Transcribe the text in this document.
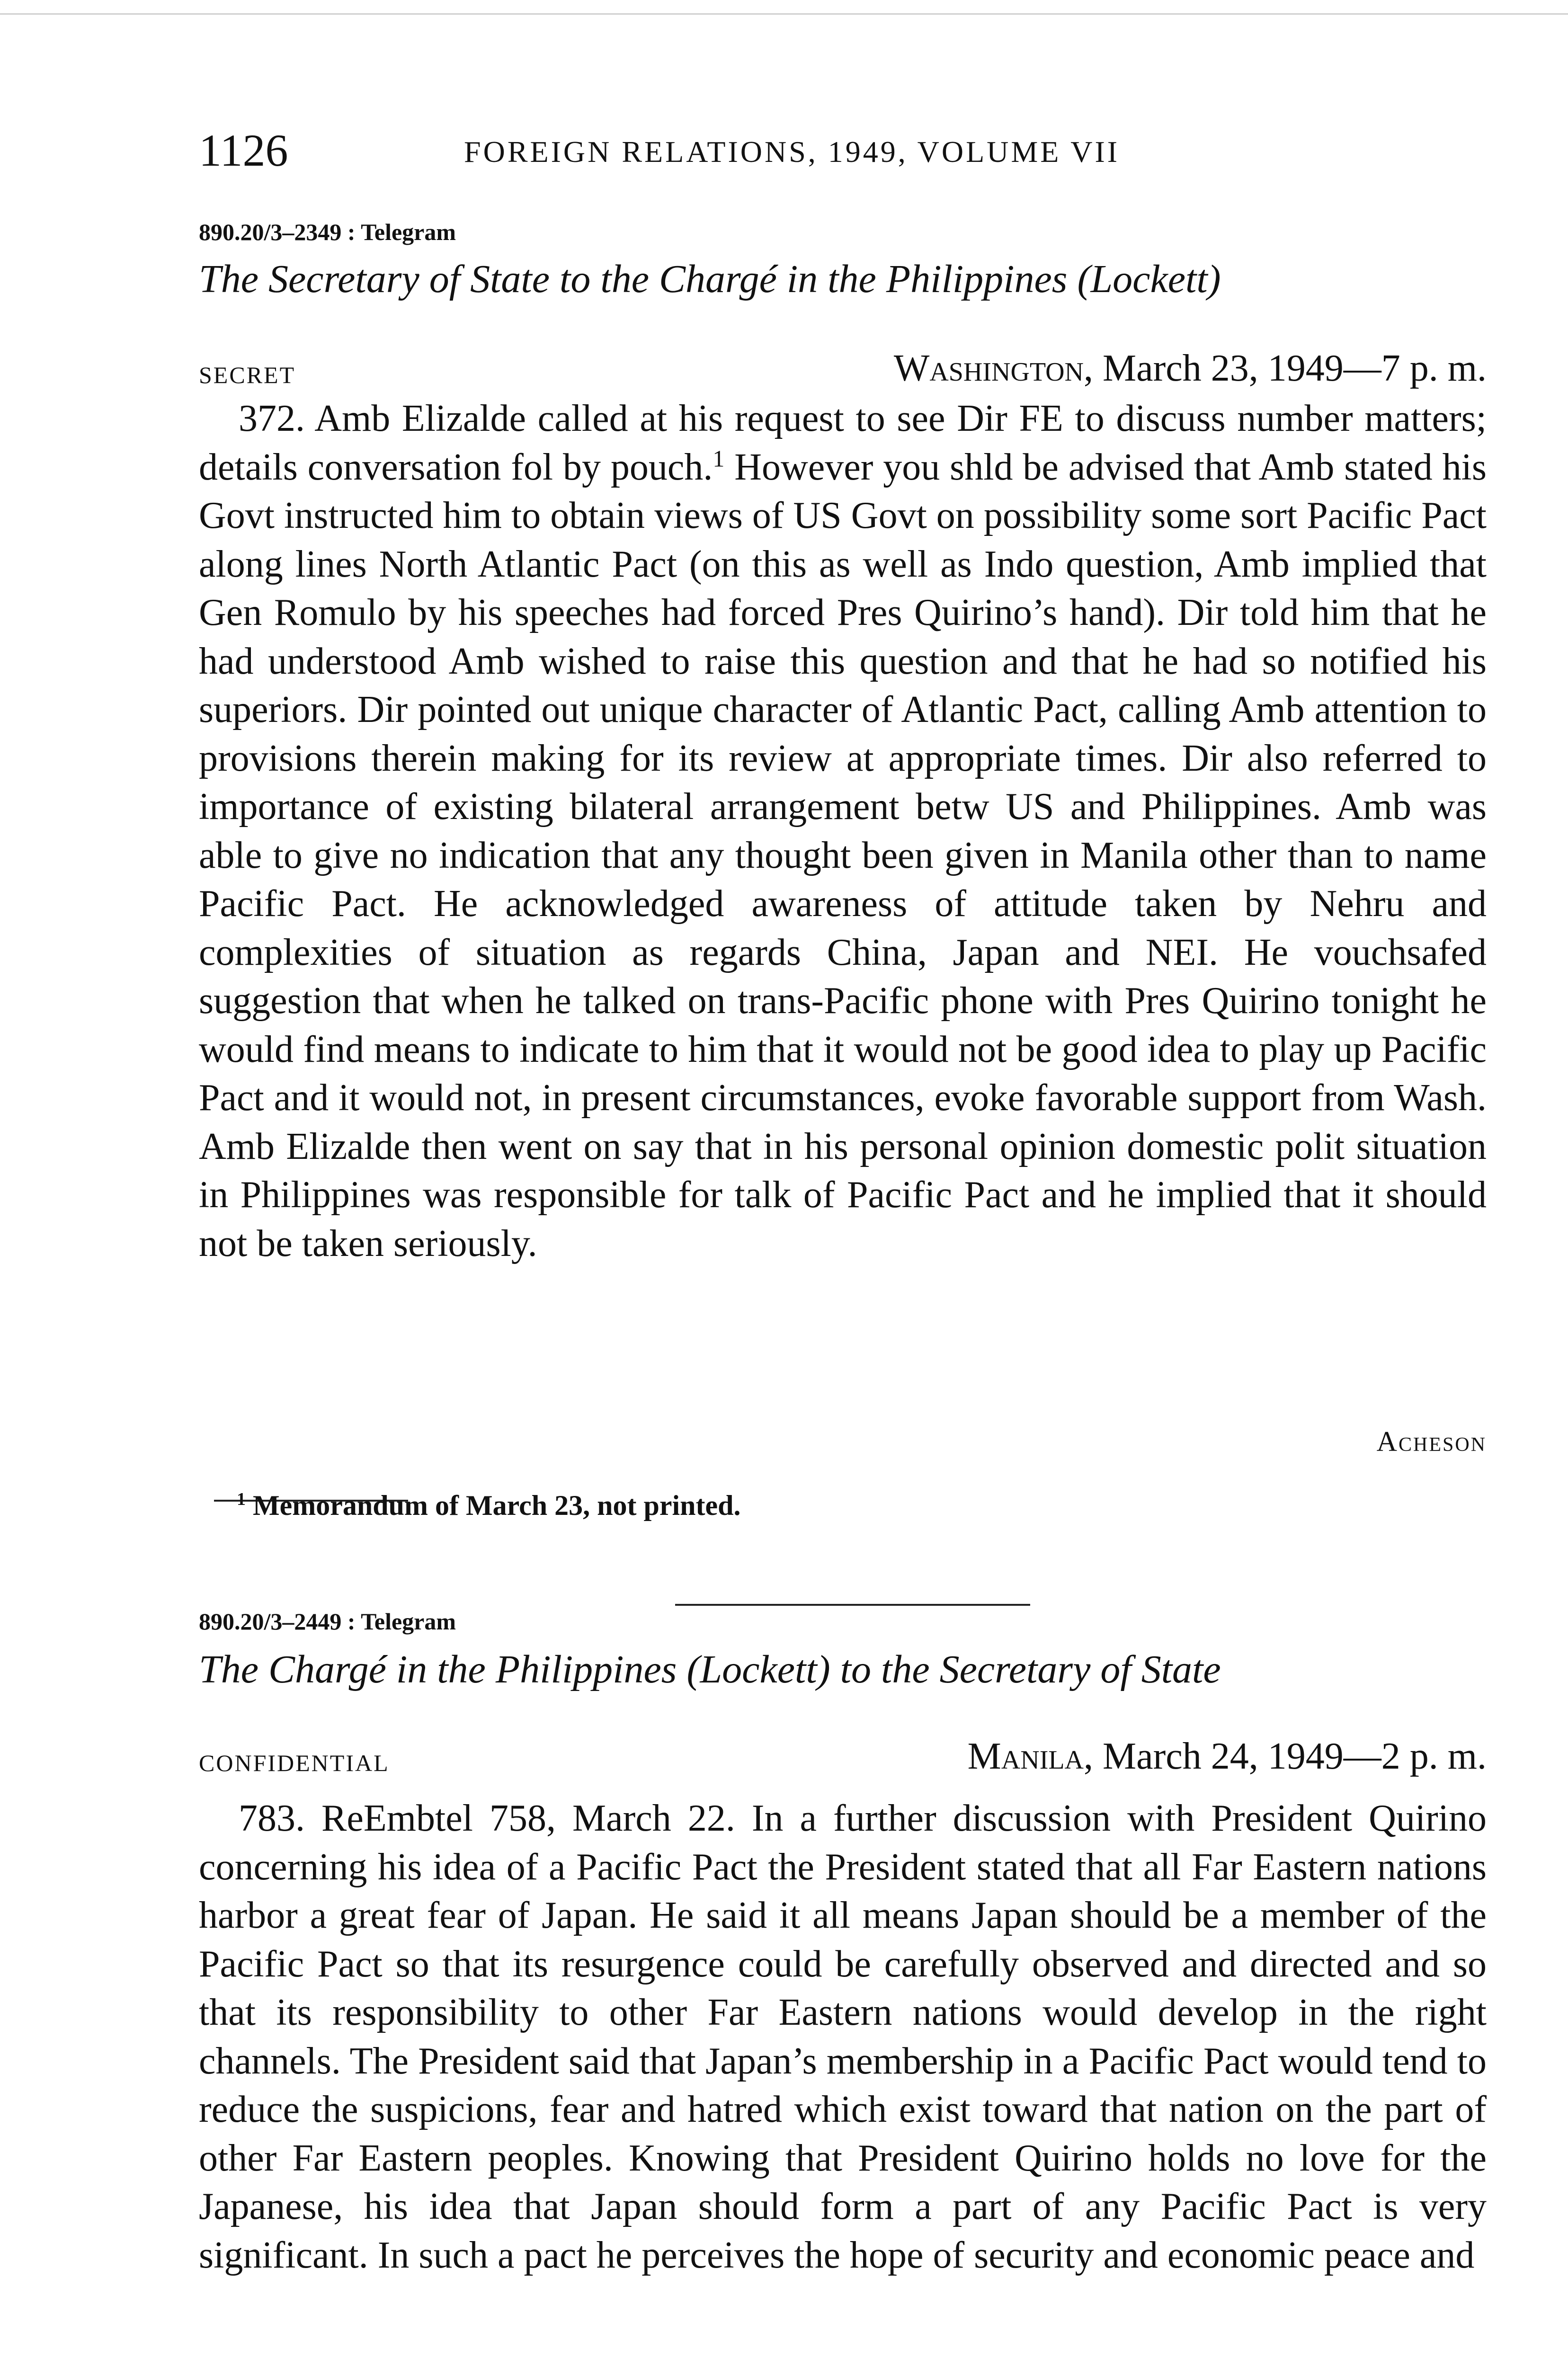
1126	FOREIGN RELATIONS, 1949, VOLUME VII
890.20/3–2349 : Telegram
The Secretary of State to the Chargé in the Philippines (Lockett)
SECRET	Washington, March 23, 1949—7 p. m.

372. Amb Elizalde called at his request to see Dir FE to discuss number matters; details conversation fol by pouch.$^1$ However you shld be advised that Amb stated his Govt instructed him to obtain views of US Govt on possibility some sort Pacific Pact along lines North Atlantic Pact (on this as well as Indo question, Amb implied that Gen Romulo by his speeches had forced Pres Quirino’s hand). Dir told him that he had understood Amb wished to raise this question and that he had so notified his superiors. Dir pointed out unique character of Atlantic Pact, calling Amb attention to provisions therein making for its review at appropriate times. Dir also referred to importance of existing bilateral arrangement betw US and Philippines. Amb was able to give no indication that any thought been given in Manila other than to name Pacific Pact. He acknowledged awareness of attitude taken by Nehru and complexities of situation as regards China, Japan and NEI. He vouchsafed suggestion that when he talked on trans-Pacific phone with Pres Quirino tonight he would find means to indicate to him that it would not be good idea to play up Pacific Pact and it would not, in present circumstances, evoke favorable support from Wash. Amb Elizalde then went on say that in his personal opinion domestic polit situation in Philippines was responsible for talk of Pacific Pact and he implied that it should not be taken seriously.

Acheson
$^1$ Memorandum of March 23, not printed.
890.20/3–2449 : Telegram
The Chargé in the Philippines (Lockett) to the Secretary of State
CONFIDENTIAL	Manila, March 24, 1949—2 p. m.

783. ReEmbtel 758, March 22. In a further discussion with President Quirino concerning his idea of a Pacific Pact the President stated that all Far Eastern nations harbor a great fear of Japan. He said it all means Japan should be a member of the Pacific Pact so that its resurgence could be carefully observed and directed and so that its responsibility to other Far Eastern nations would develop in the right channels. The President said that Japan’s membership in a Pacific Pact would tend to reduce the suspicions, fear and hatred which exist toward that nation on the part of other Far Eastern peoples. Knowing that President Quirino holds no love for the Japanese, his idea that Japan should form a part of any Pacific Pact is very significant. In such a pact he perceives the hope of security and economic peace and
